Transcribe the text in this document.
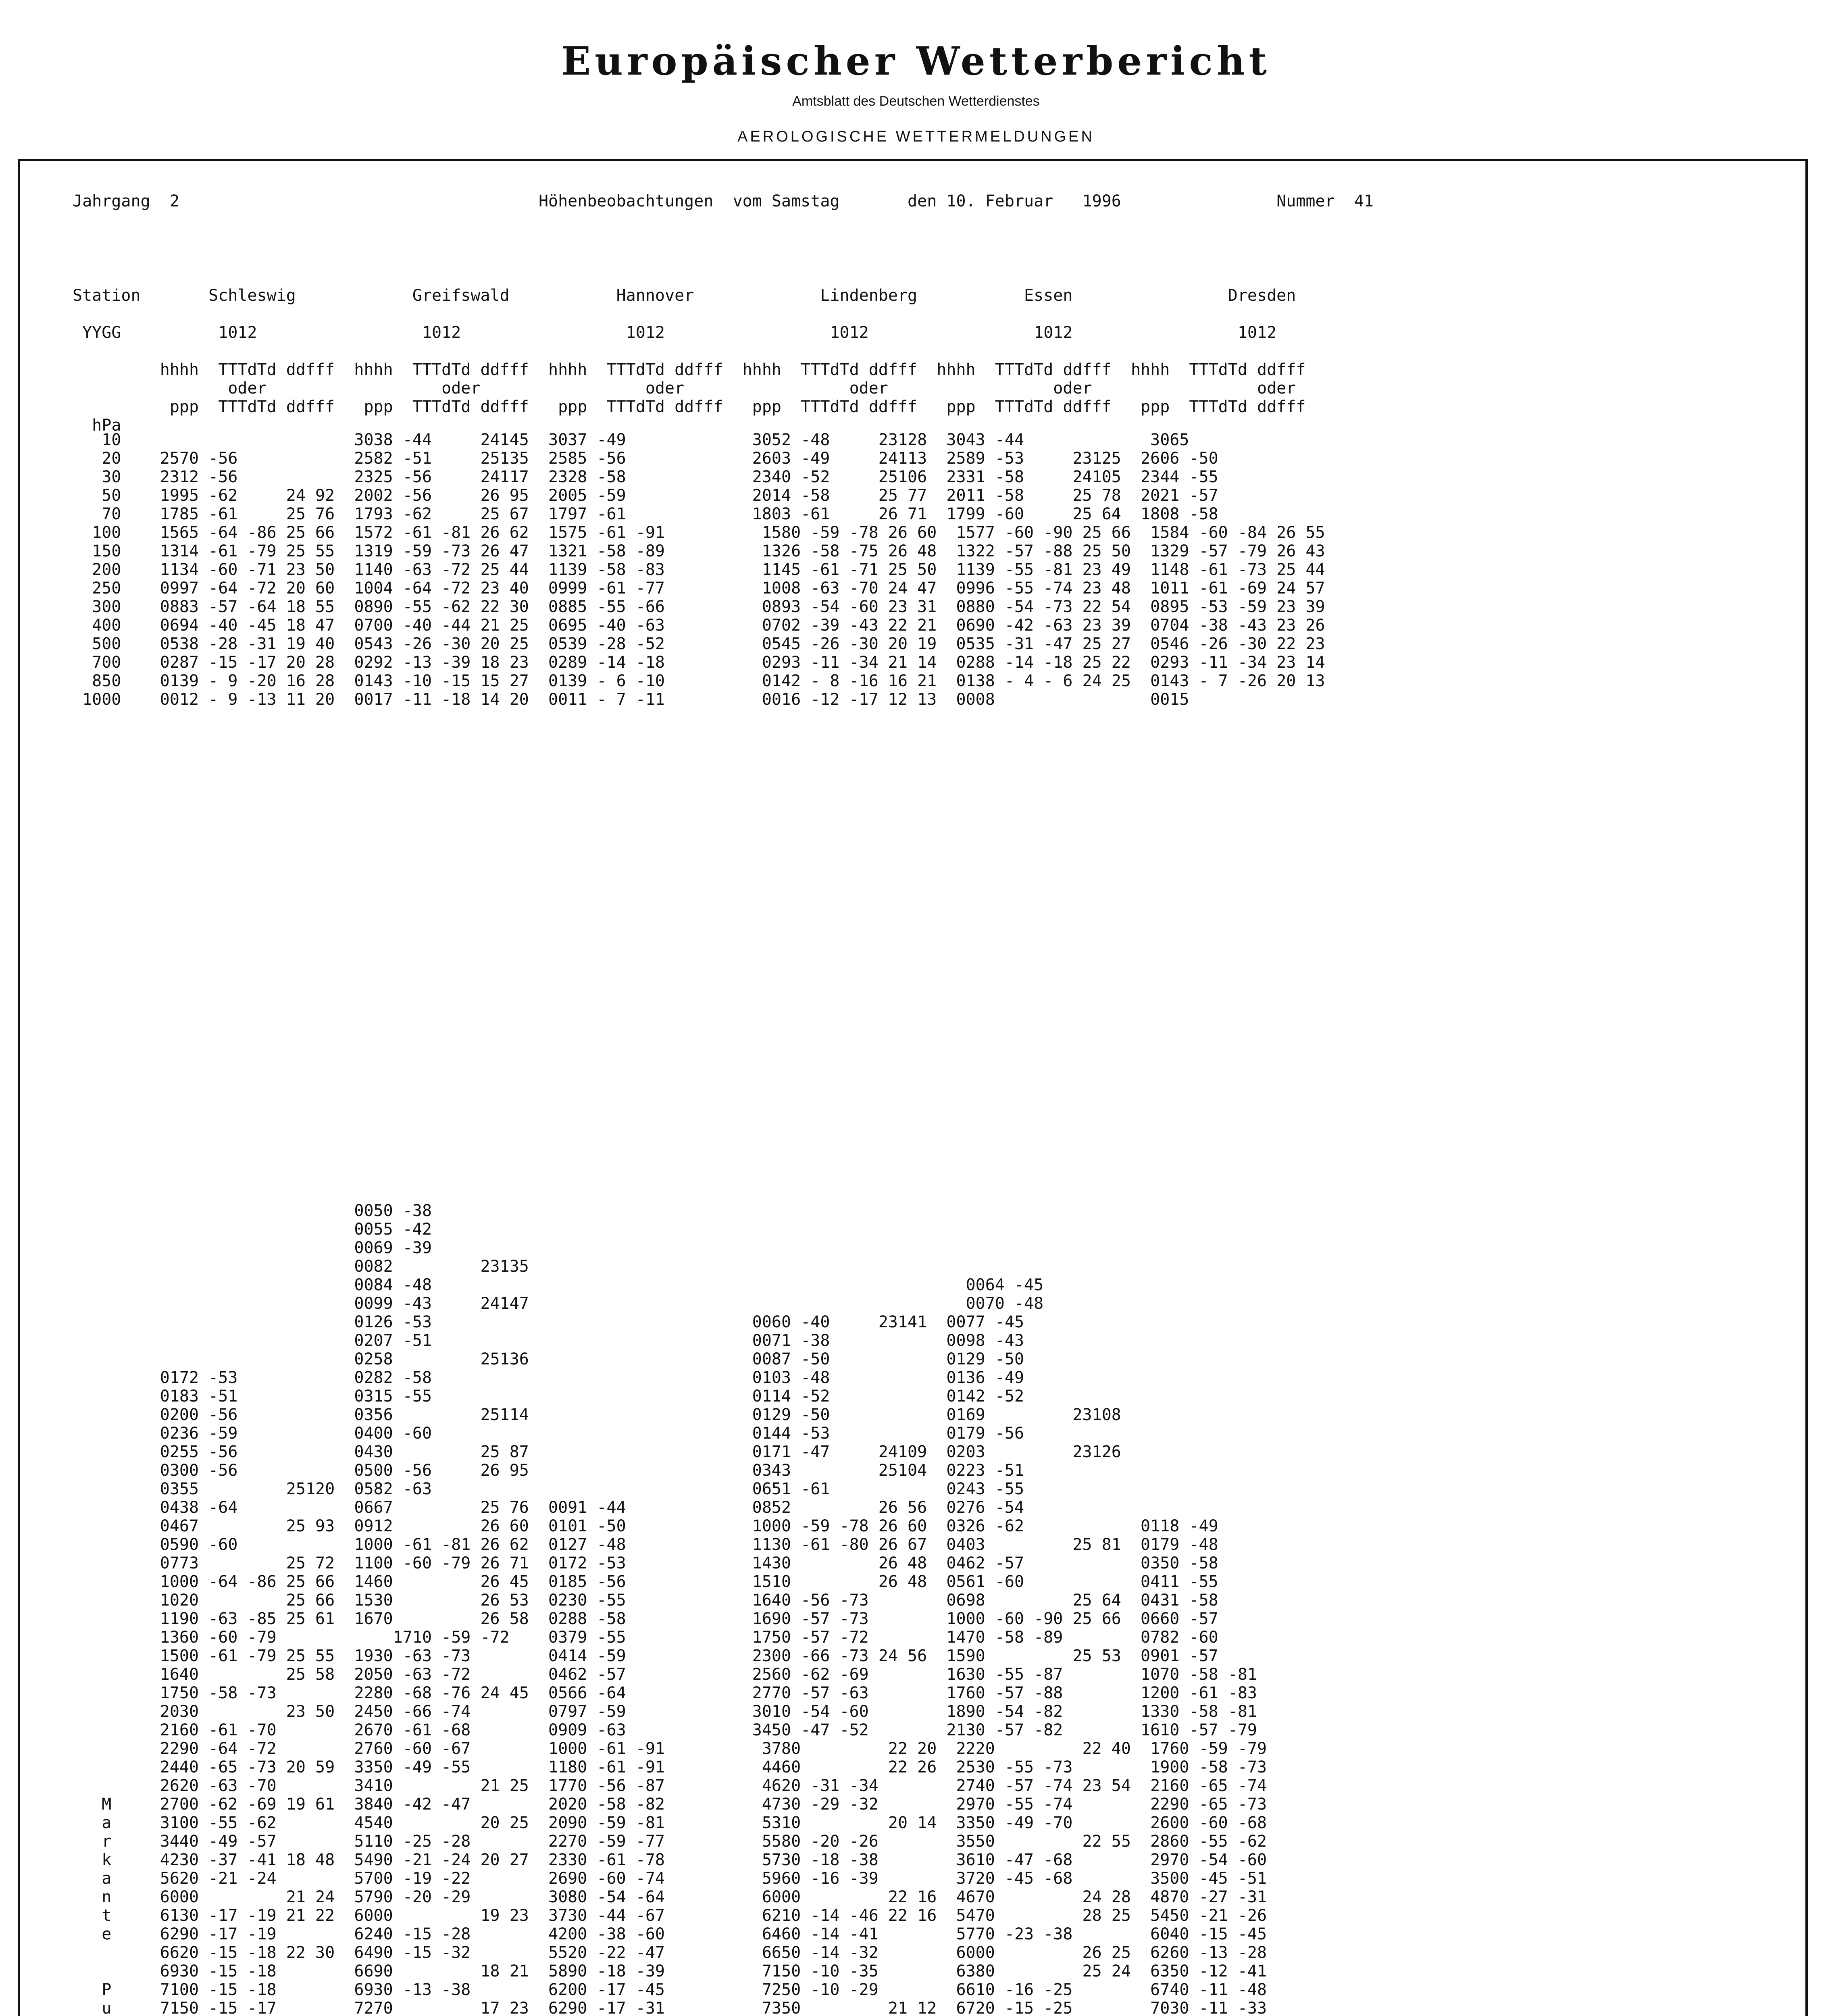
Europäischer Wetterbericht
Amtsblatt des Deutschen Wetterdienstes
AEROLOGISCHE WETTERMELDUNGEN
Jahrgang  2                                     Höhenbeobachtungen  vom Samstag       den 10. Februar   1996                Nummer  41
Station       Schleswig            Greifswald           Hannover             Lindenberg           Essen                Dresden
YYGG          1012                 1012                 1012                 1012                 1012                 1012
hhhh  TTTdTd ddfff  hhhh  TTTdTd ddfff  hhhh  TTTdTd ddfff  hhhh  TTTdTd ddfff  hhhh  TTTdTd ddfff  hhhh  TTTdTd ddfff
oder                  oder                 oder                 oder                 oder                 oder
ppp  TTTdTd ddfff   ppp  TTTdTd ddfff   ppp  TTTdTd ddfff   ppp  TTTdTd ddfff   ppp  TTTdTd ddfff   ppp  TTTdTd ddfff
hPa
10                        3038 -44     24145  3037 -49             3052 -48     23128  3043 -44             3065
20    2570 -56            2582 -51     25135  2585 -56             2603 -49     24113  2589 -53     23125  2606 -50
30    2312 -56            2325 -56     24117  2328 -58             2340 -52     25106  2331 -58     24105  2344 -55
50    1995 -62     24 92  2002 -56     26 95  2005 -59             2014 -58     25 77  2011 -58     25 78  2021 -57
70    1785 -61     25 76  1793 -62     25 67  1797 -61             1803 -61     26 71  1799 -60     25 64  1808 -58
100    1565 -64 -86 25 66  1572 -61 -81 26 62  1575 -61 -91          1580 -59 -78 26 60  1577 -60 -90 25 66  1584 -60 -84 26 55
150    1314 -61 -79 25 55  1319 -59 -73 26 47  1321 -58 -89          1326 -58 -75 26 48  1322 -57 -88 25 50  1329 -57 -79 26 43
200    1134 -60 -71 23 50  1140 -63 -72 25 44  1139 -58 -83          1145 -61 -71 25 50  1139 -55 -81 23 49  1148 -61 -73 25 44
250    0997 -64 -72 20 60  1004 -64 -72 23 40  0999 -61 -77          1008 -63 -70 24 47  0996 -55 -74 23 48  1011 -61 -69 24 57
300    0883 -57 -64 18 55  0890 -55 -62 22 30  0885 -55 -66          0893 -54 -60 23 31  0880 -54 -73 22 54  0895 -53 -59 23 39
400    0694 -40 -45 18 47  0700 -40 -44 21 25  0695 -40 -63          0702 -39 -43 22 21  0690 -42 -63 23 39  0704 -38 -43 23 26
500    0538 -28 -31 19 40  0543 -26 -30 20 25  0539 -28 -52          0545 -26 -30 20 19  0535 -31 -47 25 27  0546 -26 -30 22 23
700    0287 -15 -17 20 28  0292 -13 -39 18 23  0289 -14 -18          0293 -11 -34 21 14  0288 -14 -18 25 22  0293 -11 -34 23 14
850    0139 - 9 -20 16 28  0143 -10 -15 15 27  0139 - 6 -10          0142 - 8 -16 16 21  0138 - 4 - 6 24 25  0143 - 7 -26 20 13
1000    0012 - 9 -13 11 20  0017 -11 -18 14 20  0011 - 7 -11          0016 -12 -17 12 13  0008                0015
0050 -38
0055 -42
0069 -39
0082         23135
0084 -48                                                       0064 -45
0099 -43     24147                                             0070 -48
0126 -53                                 0060 -40     23141  0077 -45
0207 -51                                 0071 -38            0098 -43
0258         25136                       0087 -50            0129 -50
0172 -53            0282 -58                                 0103 -48            0136 -49
0183 -51            0315 -55                                 0114 -52            0142 -52
0200 -56            0356         25114                       0129 -50            0169         23108
0236 -59            0400 -60                                 0144 -53            0179 -56
0255 -56            0430         25 87                       0171 -47     24109  0203         23126
0300 -56            0500 -56     26 95                       0343         25104  0223 -51
0355         25120  0582 -63                                 0651 -61            0243 -55
0438 -64            0667         25 76  0091 -44             0852         26 56  0276 -54
0467         25 93  0912         26 60  0101 -50             1000 -59 -78 26 60  0326 -62            0118 -49
0590 -60            1000 -61 -81 26 62  0127 -48             1130 -61 -80 26 67  0403         25 81  0179 -48
0773         25 72  1100 -60 -79 26 71  0172 -53             1430         26 48  0462 -57            0350 -58
1000 -64 -86 25 66  1460         26 45  0185 -56             1510         26 48  0561 -60            0411 -55
1020         25 66  1530         26 53  0230 -55             1640 -56 -73        0698         25 64  0431 -58
1190 -63 -85 25 61  1670         26 58  0288 -58             1690 -57 -73        1000 -60 -90 25 66  0660 -57
1360 -60 -79            1710 -59 -72    0379 -55             1750 -57 -72        1470 -58 -89        0782 -60
1500 -61 -79 25 55  1930 -63 -73        0414 -59             2300 -66 -73 24 56  1590         25 53  0901 -57
1640         25 58  2050 -63 -72        0462 -57             2560 -62 -69        1630 -55 -87        1070 -58 -81
1750 -58 -73        2280 -68 -76 24 45  0566 -64             2770 -57 -63        1760 -57 -88        1200 -61 -83
2030         23 50  2450 -66 -74        0797 -59             3010 -54 -60        1890 -54 -82        1330 -58 -81
2160 -61 -70        2670 -61 -68        0909 -63             3450 -47 -52        2130 -57 -82        1610 -57 -79
2290 -64 -72        2760 -60 -67        1000 -61 -91          3780         22 20  2220         22 40  1760 -59 -79
2440 -65 -73 20 59  3350 -49 -55        1180 -61 -91          4460         22 26  2530 -55 -73        1900 -58 -73
2620 -63 -70        3410         21 25  1770 -56 -87          4620 -31 -34        2740 -57 -74 23 54  2160 -65 -74
M     2700 -62 -69 19 61  3840 -42 -47        2020 -58 -82          4730 -29 -32        2970 -55 -74        2290 -65 -73
a     3100 -55 -62        4540         20 25  2090 -59 -81          5310         20 14  3350 -49 -70        2600 -60 -68
r     3440 -49 -57        5110 -25 -28        2270 -59 -77          5580 -20 -26        3550         22 55  2860 -55 -62
k     4230 -37 -41 18 48  5490 -21 -24 20 27  2330 -61 -78          5730 -18 -38        3610 -47 -68        2970 -54 -60
a     5620 -21 -24        5700 -19 -22        2690 -60 -74          5960 -16 -39        3720 -45 -68        3500 -45 -51
n     6000         21 24  5790 -20 -29        3080 -54 -64          6000         22 16  4670         24 28  4870 -27 -31
t     6130 -17 -19 21 22  6000         19 23  3730 -44 -67          6210 -14 -46 22 16  5470         28 25  5450 -21 -26
e     6290 -17 -19        6240 -15 -28        4200 -38 -60          6460 -14 -41        5770 -23 -38        6040 -15 -45
6620 -15 -18 22 30  6490 -15 -32        5520 -22 -47          6650 -14 -32        6000         26 25  6260 -13 -28
6930 -15 -18        6690         18 21  5890 -18 -39          7150 -10 -35        6380         25 24  6350 -12 -41
P     7100 -15 -18        6930 -13 -38        6200 -17 -45          7250 -10 -29        6610 -16 -25        6740 -11 -48
u     7150 -15 -17        7270         17 23  6290 -17 -31          7350         21 12  6720 -15 -25        7030 -11 -33
